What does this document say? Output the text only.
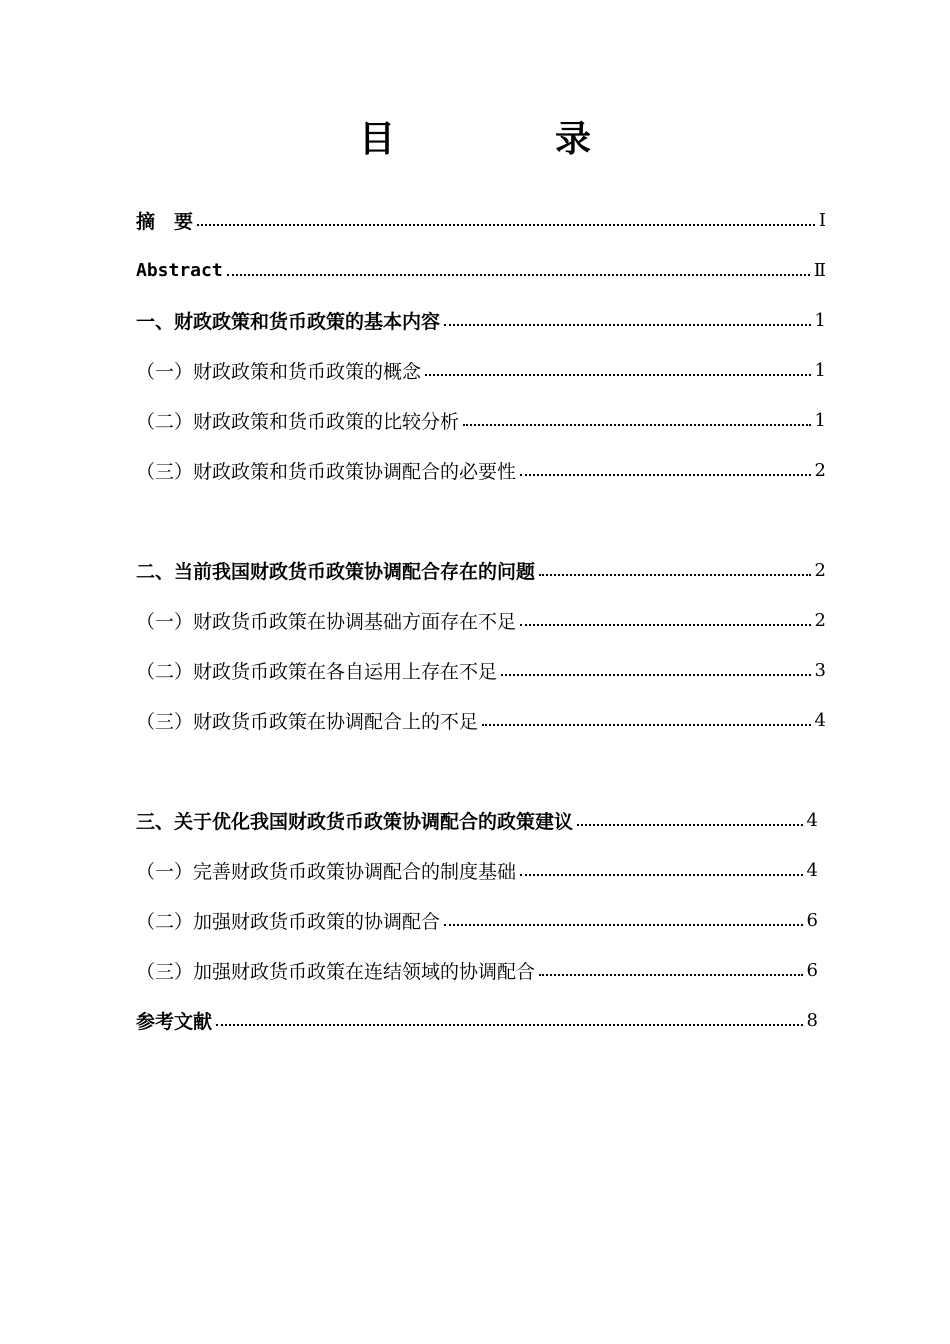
目　录
摘　要	Ⅰ
Abstract	Ⅱ
一、财政政策和货币政策的基本内容	1
（一）财政政策和货币政策的概念	1
（二）财政政策和货币政策的比较分析	1
（三）财政政策和货币政策协调配合的必要性	2
二、当前我国财政货币政策协调配合存在的问题	2
（一）财政货币政策在协调基础方面存在不足	2
（二）财政货币政策在各自运用上存在不足	3
（三）财政货币政策在协调配合上的不足	4
三、关于优化我国财政货币政策协调配合的政策建议	4
（一）完善财政货币政策协调配合的制度基础	4
（二）加强财政货币政策的协调配合	6
（三）加强财政货币政策在连结领域的协调配合	6
参考文献	8
